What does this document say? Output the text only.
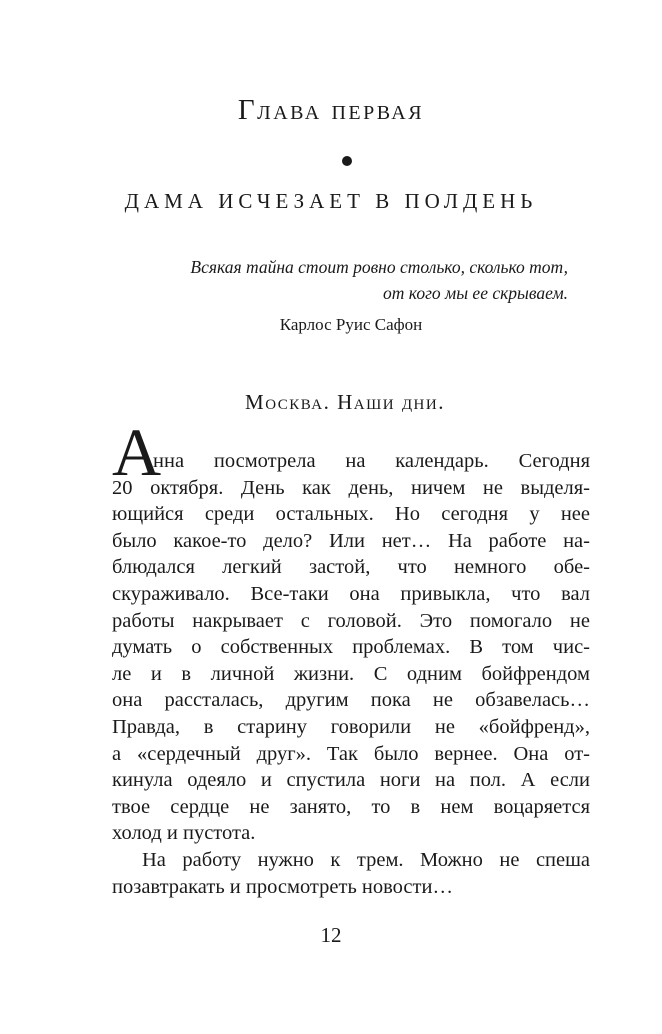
Глава первая
ДАМА ИСЧЕЗАЕТ В ПОЛДЕНЬ
Всякая тайна стоит ровно столько, сколько тот,
от кого мы ее скрываем.
Карлос Руис Сафон
Москва. Наши дни.
А
нна посмотрела на календарь. Сегодня
20 октября. День как день, ничем не выделя-
ющийся среди остальных. Но сегодня у нее
было какое-то дело? Или нет… На работе на-
блюдался легкий застой, что немного обе-
скураживало. Все-таки она привыкла, что вал
работы накрывает с головой. Это помогало не
думать о собственных проблемах. В том чис-
ле и в личной жизни. С одним бойфрендом
она рассталась, другим пока не обзавелась…
Правда, в старину говорили не «бойфренд»,
а «сердечный друг». Так было вернее. Она от-
кинула одеяло и спустила ноги на пол. А если
твое сердце не занято, то в нем воцаряется
холод и пустота.
На работу нужно к трем. Можно не спеша
позавтракать и просмотреть новости…
12
